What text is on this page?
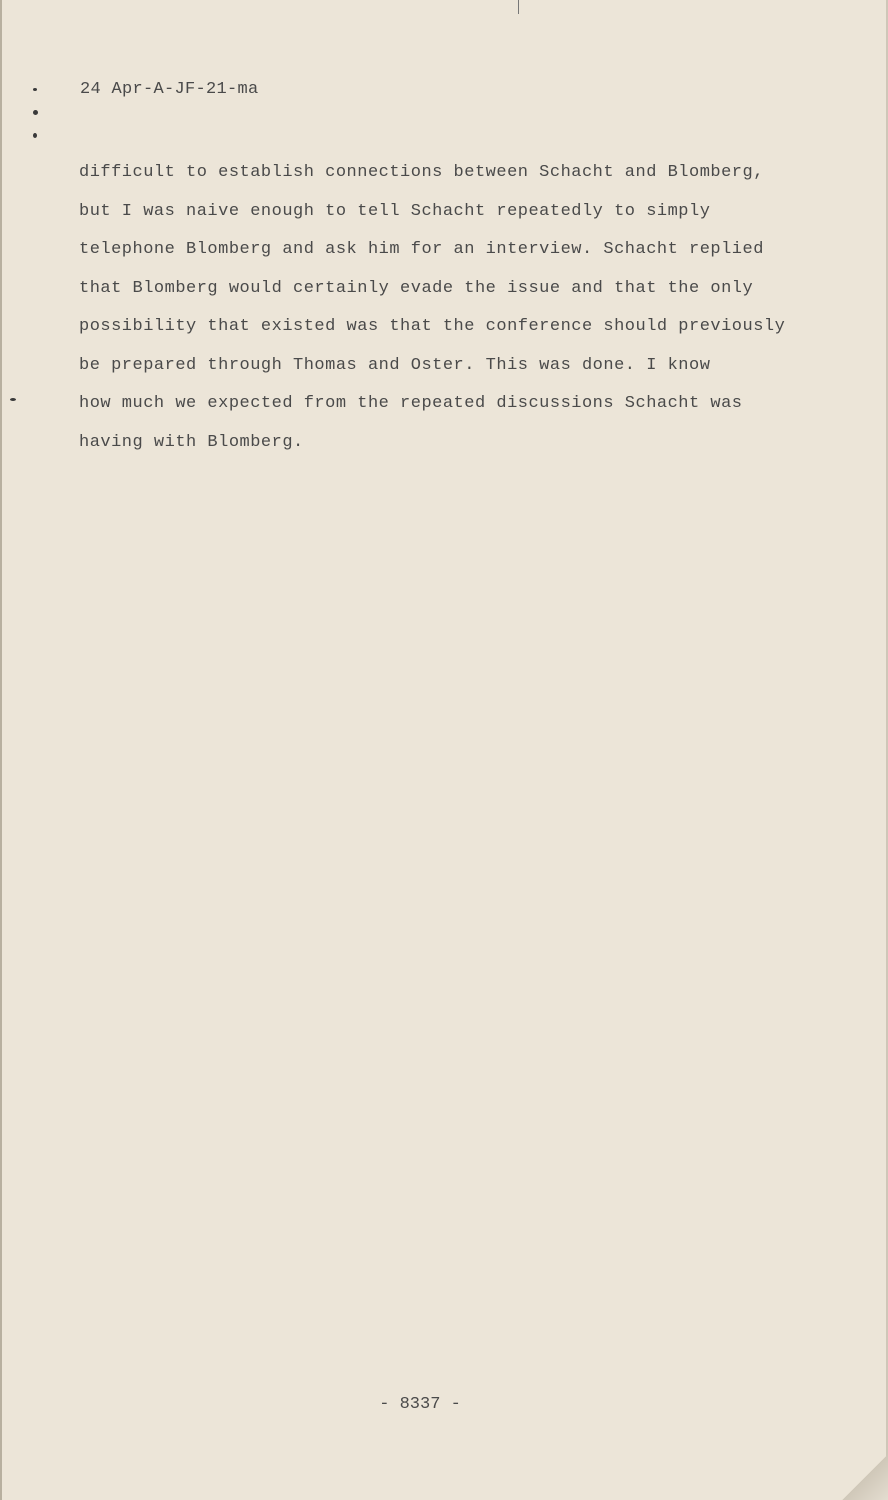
24 Apr-A-JF-21-ma
difficult to establish connections between Schacht and Blomberg,
but I was naive enough to tell Schacht repeatedly to simply
telephone Blomberg and ask him for an interview. Schacht replied
that Blomberg would certainly evade the issue and that the only
possibility that existed was that the conference should previously
be prepared through Thomas and Oster. This was done. I know
how much we expected from the repeated discussions Schacht was
having with Blomberg.
- 8337 -
